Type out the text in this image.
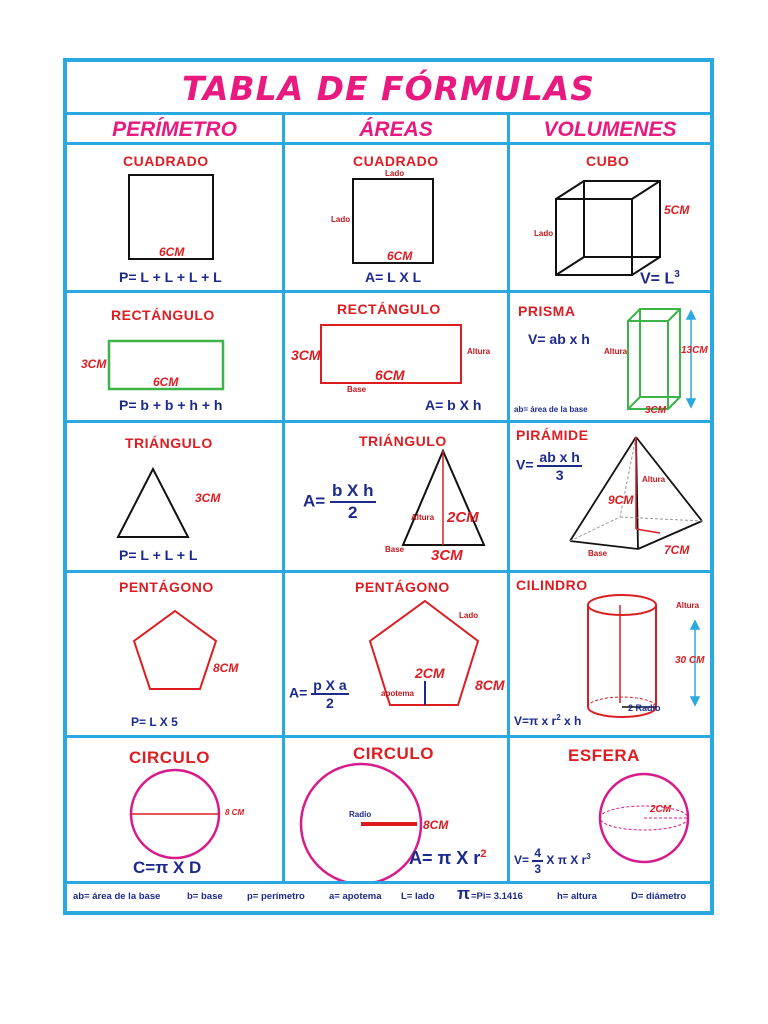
TABLA DE FÓRMULAS
PERÍMETRO	ÁREAS	VOLUMENES
CUADRADO
6CM
P= L + L + L + L
CUADRADO
Lado
Lado
6CM
A= L X L
CUBO
Lado
5CM
$V= L^3$
RECTÁNGULO
3CM
6CM
P= b + b + h + h
RECTÁNGULO
3CM
6CM
Altura
Base
A= b X h
PRISMA
V= ab x h
Altura	13CM
3CM
ab= área de la base
TRIÁNGULO
3CM
P= L + L + L
TRIÁNGULO
$A= \frac{\text{b X h}}{2}$	Altura 2CM
Base 3CM
PIRÁMIDE
$V= \frac{\text{ab x h}}{3}$	Altura
9CM
Base	7CM
PENTÁGONO
8CM
P= L X 5
PENTÁGONO
Lado
$A= \frac{\text{p X a}}{2}$	apotema
2CM
8CM
CILINDRO
Altura
30 CM
2 Radio
V=π x $r^2$ x h
CIRCULO
8 CM
C=π X D
CIRCULO
Radio
8CM
A= π X $r^2$
ESFERA
2CM
$V= \frac{4}{3}$ X π X $r^3$
ab= área de la base	b= base	p= perímetro	a= apotema L= lado π =Pi= 3.1416	h= altura	D= diámetro
